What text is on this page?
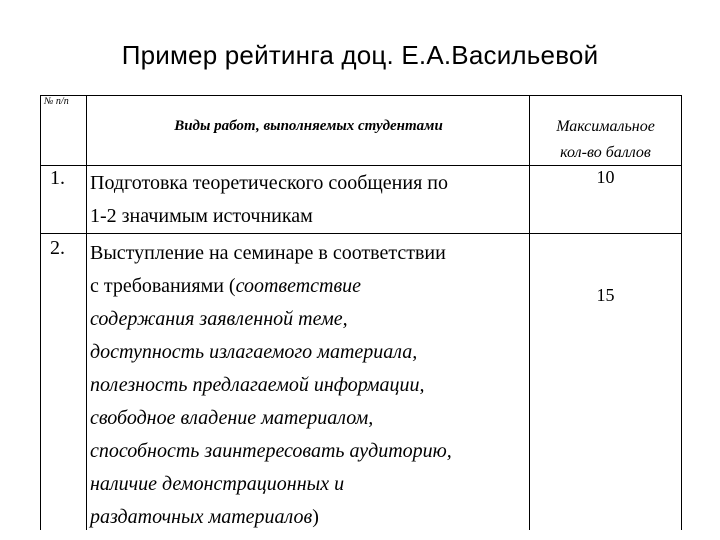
Пример рейтинга доц. Е.А.Васильевой
№ п/п
Виды работ, выполняемых студентами	Максимальное
кол-во баллов
1. Подготовка теоретического сообщения по
1-2 значимым источникам
10
2. Выступление на семинаре в соответствии
с требованиями (соответствие
содержания заявленной теме,
доступность излагаемого материала,
полезность предлагаемой информации,
свободное владение материалом,
способность заинтересовать аудиторию,
наличие демонстрационных и
раздаточных материалов)
15
